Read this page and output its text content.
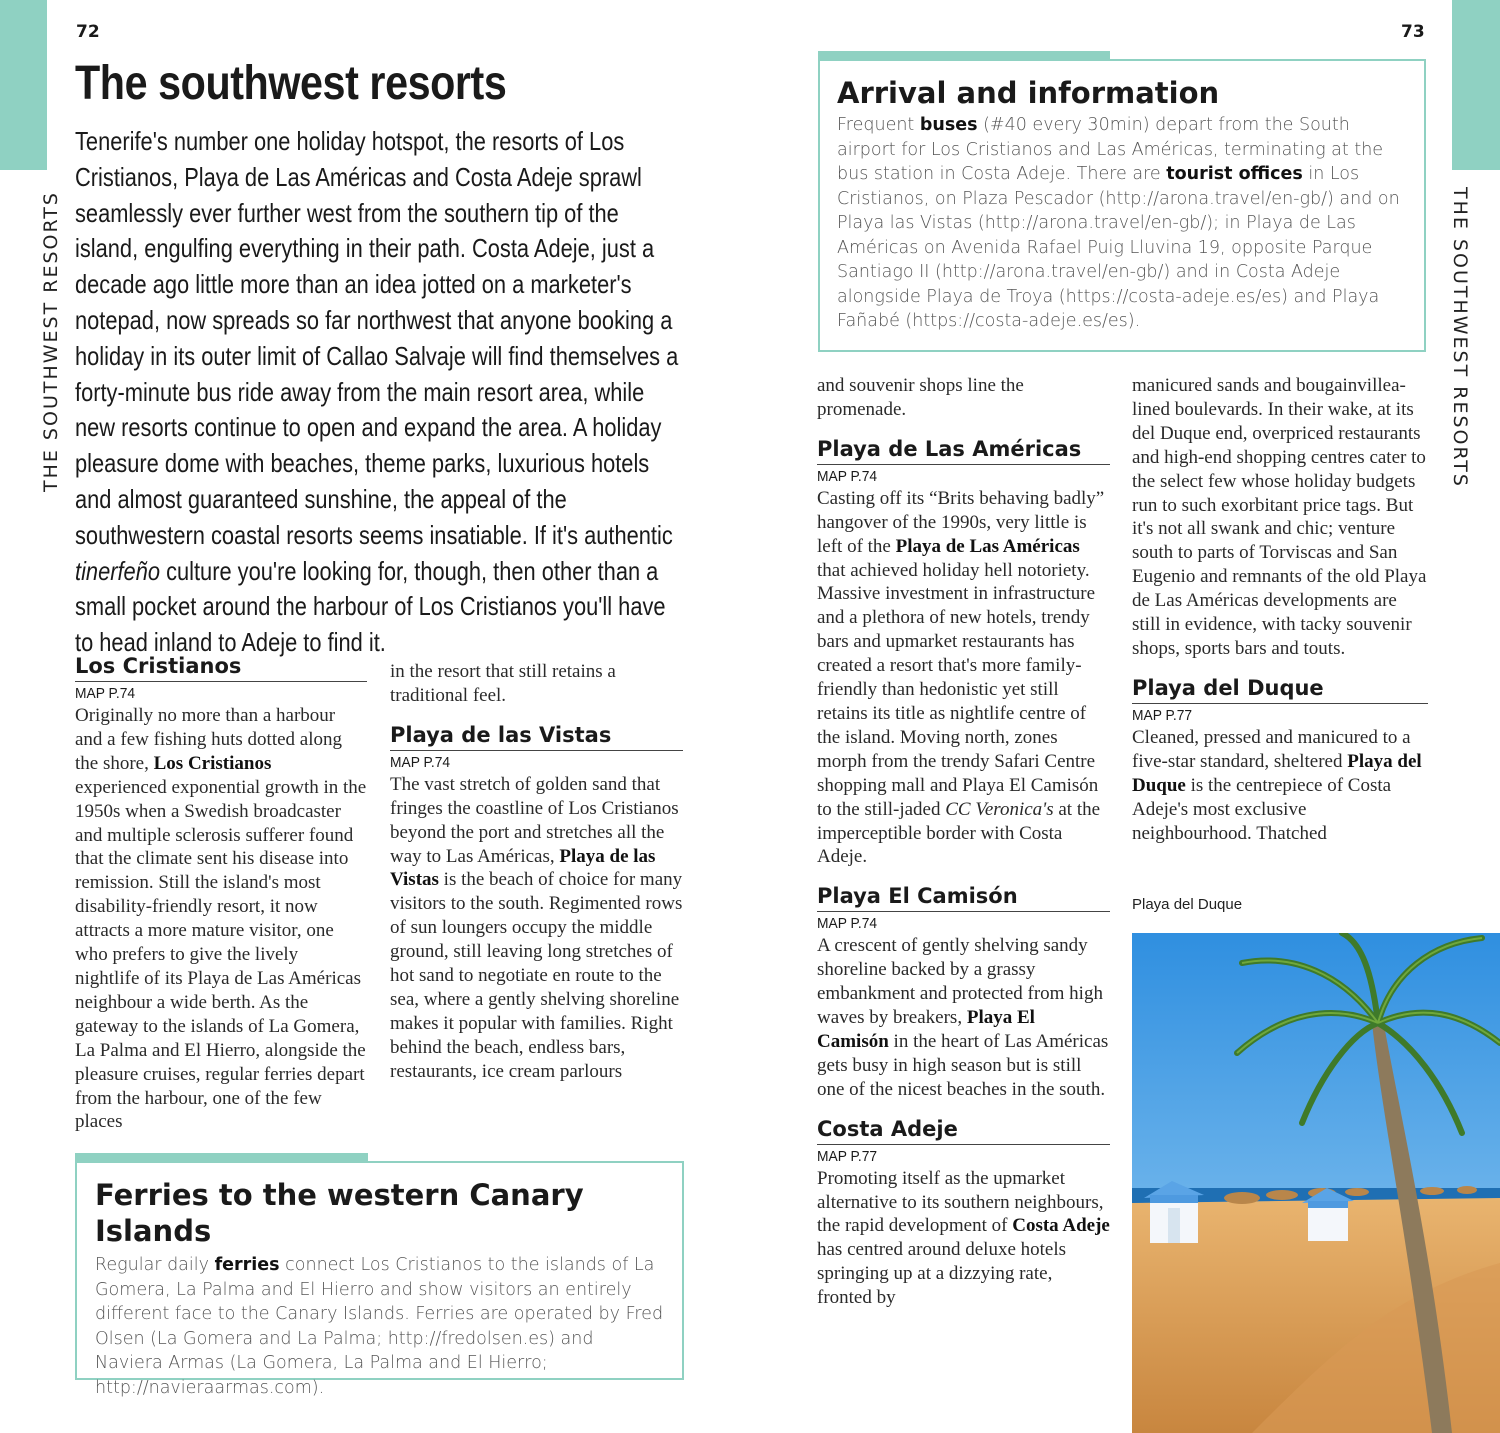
THE SOUTHWEST RESORTS
72
The southwest resorts

Tenerife's number one holiday hotspot, the resorts of Los Cristianos, Playa de Las Américas and Costa Adeje sprawl seamlessly ever further west from the southern tip of the island, engulfing everything in their path. Costa Adeje, just a decade ago little more than an idea jotted on a marketer's notepad, now spreads so far northwest that anyone booking a holiday in its outer limit of Callao Salvaje will find themselves a forty-minute bus ride away from the main resort area, while new resorts continue to open and expand the area. A holiday pleasure dome with beaches, theme parks, luxurious hotels and almost guaranteed sunshine, the appeal of the southwestern coastal resorts seems insatiable. If it's authentic tinerfeño culture you're looking for, though, then other than a small pocket around the harbour of Los Cristianos you'll have to head inland to Adeje to find it.

Los Cristianos
MAP P.74

Originally no more than a harbour and a few fishing huts dotted along the shore, Los Cristianos experienced exponential growth in the 1950s when a Swedish broadcaster and multiple sclerosis sufferer found that the climate sent his disease into remission. Still the island's most disability-friendly resort, it now attracts a more mature visitor, one who prefers to give the lively nightlife of its Playa de Las Américas neighbour a wide berth. As the gateway to the islands of La Gomera, La Palma and El Hierro, alongside the pleasure cruises, regular ferries depart from the harbour, one of the few places

in the resort that still retains a traditional feel.

Playa de las Vistas
MAP P.74

The vast stretch of golden sand that fringes the coastline of Los Cristianos beyond the port and stretches all the way to Las Américas, Playa de las Vistas is the beach of choice for many visitors to the south. Regimented rows of sun loungers occupy the middle ground, still leaving long stretches of hot sand to negotiate en route to the sea, where a gently shelving shoreline makes it popular with families. Right behind the beach, endless bars, restaurants, ice cream parlours

Ferries to the western Canary Islands

Regular daily ferries connect Los Cristianos to the islands of La Gomera, La Palma and El Hierro and show visitors an entirely different face to the Canary Islands. Ferries are operated by Fred Olsen (La Gomera and La Palma; http://fredolsen.es) and Naviera Armas (La Gomera, La Palma and El Hierro; http://navieraarmas.com).

THE SOUTHWEST RESORTS
73
Arrival and information

Frequent buses (#40 every 30min) depart from the South airport for Los Cristianos and Las Américas, terminating at the bus station in Costa Adeje. There are tourist offices in Los Cristianos, on Plaza Pescador (http://arona.travel/en-gb/) and on Playa las Vistas (http://arona.travel/en-gb/); in Playa de Las Américas on Avenida Rafael Puig Lluvina 19, opposite Parque Santiago II (http://arona.travel/en-gb/) and in Costa Adeje alongside Playa de Troya (https://costa-adeje.es/es) and Playa Fañabé (https://costa-adeje.es/es).

and souvenir shops line the promenade.

Playa de Las Américas
MAP P.74

Casting off its “Brits behaving badly” hangover of the 1990s, very little is left of the Playa de Las Américas that achieved holiday hell notoriety. Massive investment in infrastructure and a plethora of new hotels, trendy bars and upmarket restaurants has created a resort that's more family-friendly than hedonistic yet still retains its title as nightlife centre of the island. Moving north, zones morph from the trendy Safari Centre shopping mall and Playa El Camisón to the still-jaded CC Veronica's at the imperceptible border with Costa Adeje.

Playa El Camisón
MAP P.74

A crescent of gently shelving sandy shoreline backed by a grassy embankment and protected from high waves by breakers, Playa El Camisón in the heart of Las Américas gets busy in high season but is still one of the nicest beaches in the south.

Costa Adeje
MAP P.77

Promoting itself as the upmarket alternative to its southern neighbours, the rapid development of Costa Adeje has centred around deluxe hotels springing up at a dizzying rate, fronted by

manicured sands and bougainvillea-lined boulevards. In their wake, at its del Duque end, overpriced restaurants and high-end shopping centres cater to the select few whose holiday budgets run to such exorbitant price tags. But it's not all swank and chic; venture south to parts of Torviscas and San Eugenio and remnants of the old Playa de Las Américas developments are still in evidence, with tacky souvenir shops, sports bars and touts.

Playa del Duque
MAP P.77

Cleaned, pressed and manicured to a five-star standard, sheltered Playa del Duque is the centrepiece of Costa Adeje's most exclusive neighbourhood. Thatched

Playa del Duque
